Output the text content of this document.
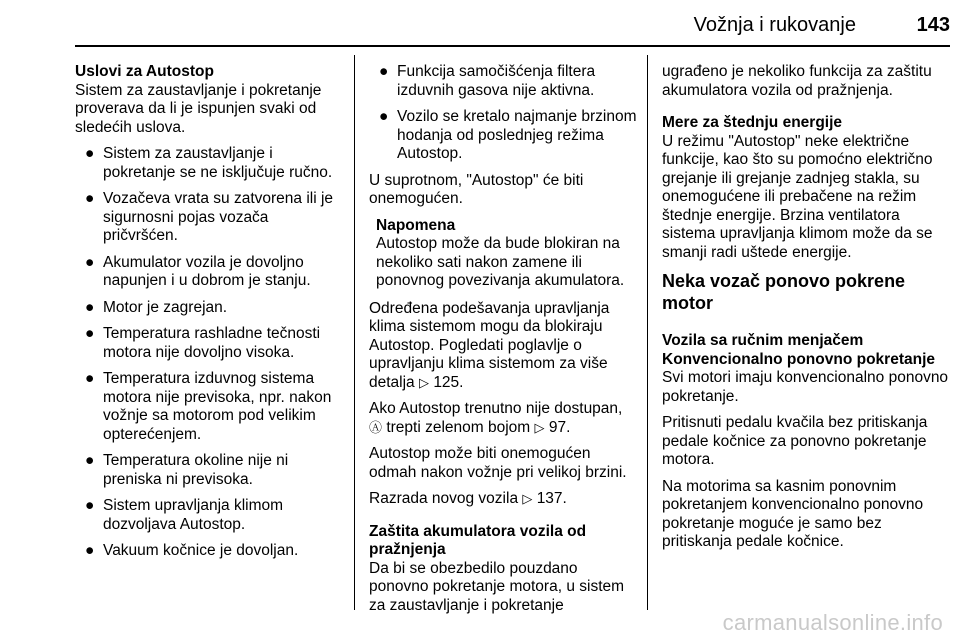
Vožnja i rukovanje	143
Uslovi za Autostop

Sistem za zaustavljanje i pokretanje proverava da li je ispunjen svaki od sledećih uslova.

● Sistem za zaustavljanje i pokretanje se ne isključuje ručno.
● Vozačeva vrata su zatvorena ili je sigurnosni pojas vozača pričvršćen.
● Akumulator vozila je dovoljno napunjen i u dobrom je stanju.
● Motor je zagrejan.
● Temperatura rashladne tečnosti motora nije dovoljno visoka.
● Temperatura izduvnog sistema motora nije previsoka, npr. nakon vožnje sa motorom pod velikim opterećenjem.
● Temperatura okoline nije ni preniska ni previsoka.
● Sistem upravljanja klimom dozvoljava Autostop.
● Vakuum kočnice je dovoljan.
● Funkcija samočišćenja filtera izduvnih gasova nije aktivna.
● Vozilo se kretalo najmanje brzinom hodanja od poslednjeg režima Autostop.

U suprotnom, "Autostop" će biti onemogućen.

Napomena
Autostop može da bude blokiran na nekoliko sati nakon zamene ili ponovnog povezivanja akumulatora.

Određena podešavanja upravljanja klima sistemom mogu da blokiraju Autostop. Pogledati poglavlje o upravljanju klima sistemom za više detalja ▷ 125.

Ako Autostop trenutno nije dostupan,
Ⓐ trepti zelenom bojom ▷ 97.

Autostop može biti onemogućen odmah nakon vožnje pri velikoj brzini.

Razrada novog vozila ▷ 137.

Zaštita akumulatora vozila od pražnjenja

Da bi se obezbedilo pouzdano ponovno pokretanje motora, u sistem za zaustavljanje i pokretanje

ugrađeno je nekoliko funkcija za zaštitu akumulatora vozila od pražnjenja.

Mere za štednju energije

U režimu "Autostop" neke električne funkcije, kao što su pomoćno električno grejanje ili grejanje zadnjeg stakla, su onemogućene ili prebačene na režim štednje energije. Brzina ventilatora sistema upravljanja klimom može da se smanji radi uštede energije.

Neka vozač ponovo pokrene motor
Vozila sa ručnim menjačem
Konvencionalno ponovno pokretanje

Svi motori imaju konvencionalno ponovno pokretanje.

Pritisnuti pedalu kvačila bez pritiskanja pedale kočnice za ponovno pokretanje motora.

Na motorima sa kasnim ponovnim pokretanjem konvencionalno ponovno pokretanje moguće je samo bez pritiskanja pedale kočnice.

carmanualsonline.info
